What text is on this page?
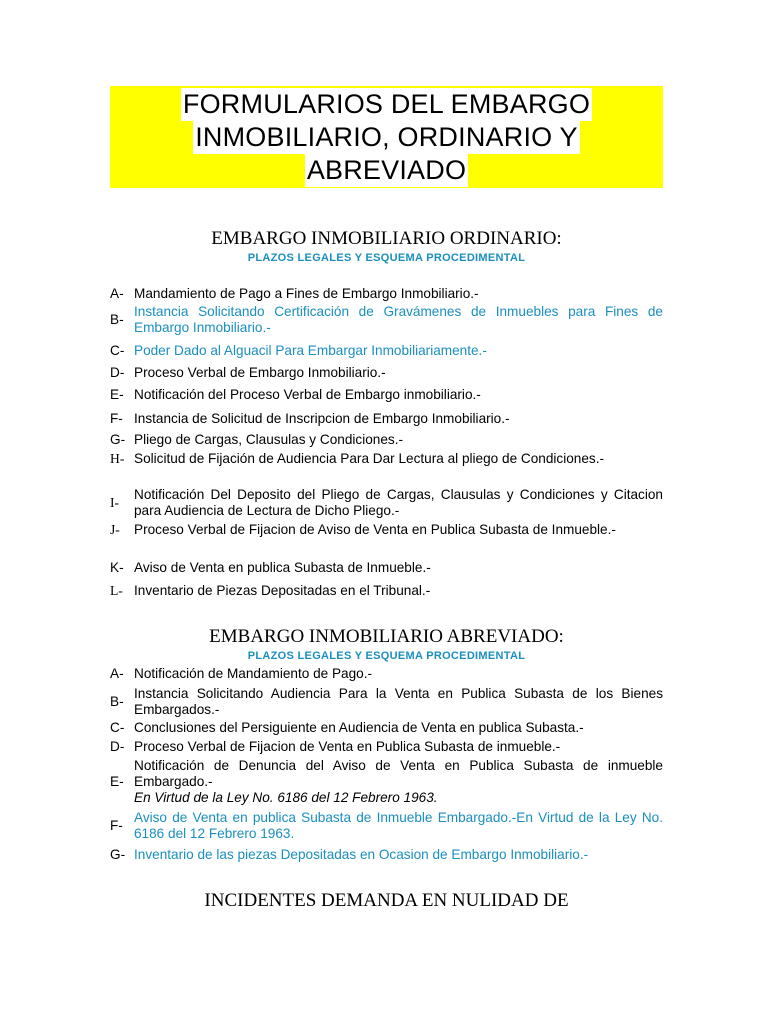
FORMULARIOS DEL EMBARGO
INMOBILIARIO, ORDINARIO Y
ABREVIADO
EMBARGO INMOBILIARIO ORDINARIO:
PLAZOS LEGALES Y ESQUEMA PROCEDIMENTAL
A- Mandamiento de Pago a Fines de Embargo Inmobiliario.-
B-
Instancia Solicitando Certificación de Gravámenes de Inmuebles para Fines de Embargo Inmobiliario.-
C- Poder Dado al Alguacil Para Embargar Inmobiliariamente.-
D- Proceso Verbal de Embargo Inmobiliario.-
E- Notificación del Proceso Verbal de Embargo inmobiliario.-
F- Instancia de Solicitud de Inscripcion de Embargo Inmobiliario.-
G- Pliego de Cargas, Clausulas y Condiciones.-
H- Solicitud de Fijación de Audiencia Para Dar Lectura al pliego de Condiciones.-
I-
Notificación Del Deposito del Pliego de Cargas, Clausulas y Condiciones y Citacion para Audiencia de Lectura de Dicho Pliego.-
J-	Proceso Verbal de Fijacion de Aviso de Venta en Publica Subasta de Inmueble.-
K- Aviso de Venta en publica Subasta de Inmueble.-
L- Inventario de Piezas Depositadas en el Tribunal.-
EMBARGO INMOBILIARIO ABREVIADO:
PLAZOS LEGALES Y ESQUEMA PROCEDIMENTAL
A- Notificación de Mandamiento de Pago.-
B-
Instancia Solicitando Audiencia Para la Venta en Publica Subasta de los Bienes Embargados.-
C- Conclusiones del Persiguiente en Audiencia de Venta en publica Subasta.-
D- Proceso Verbal de Fijacion de Venta en Publica Subasta de inmueble.-
E-
Notificación de Denuncia del Aviso de Venta en Publica Subasta de inmueble Embargado.-
En Virtud de la Ley No. 6186 del 12 Febrero 1963.
F-
Aviso de Venta en publica Subasta de Inmueble Embargado.-En Virtud de la Ley No. 6186 del 12 Febrero 1963.
G- Inventario de las piezas Depositadas en Ocasion de Embargo Inmobiliario.-
INCIDENTES DEMANDA EN NULIDAD DE
